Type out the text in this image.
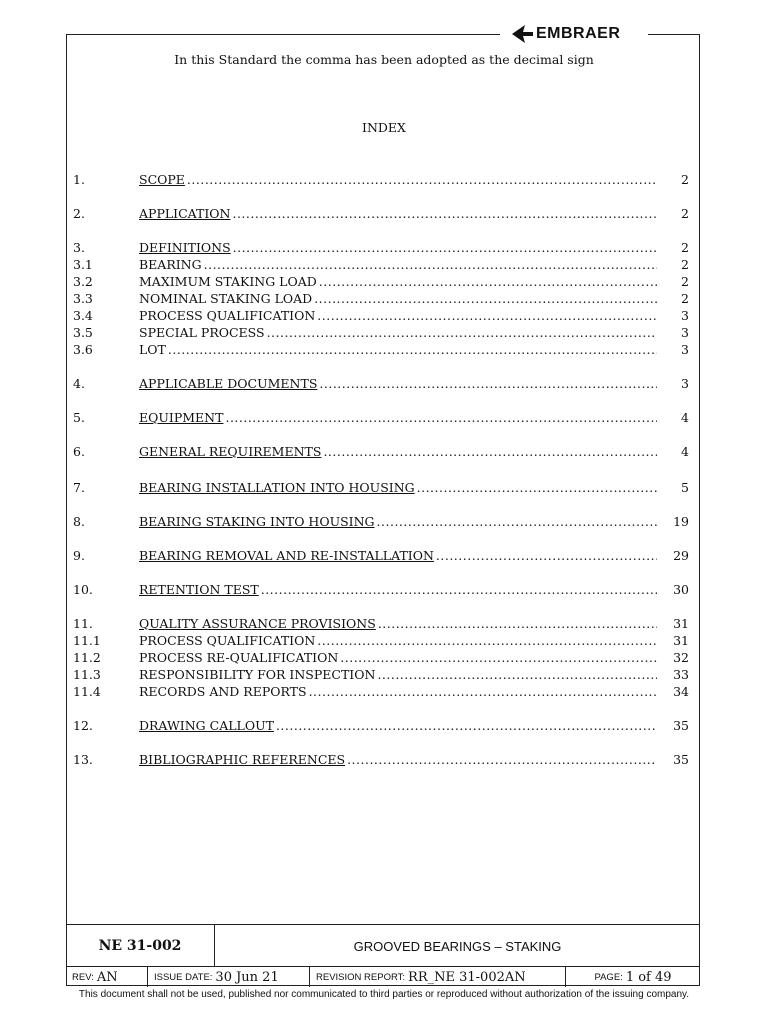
EMBRAER
In this Standard the comma has been adopted as the decimal sign
INDEX
1.	SCOPE .....	2
2.	APPLICATION .....	2
3.	DEFINITIONS .....	2
3.1	BEARING .....	2
3.2	MAXIMUM STAKING LOAD .....	2
3.3	NOMINAL STAKING LOAD .....	2
3.4	PROCESS QUALIFICATION .....	3
3.5	SPECIAL PROCESS .....	3
3.6	LOT .....	3
4.	APPLICABLE DOCUMENTS .....	3
5.	EQUIPMENT .....	4
6.	GENERAL REQUIREMENTS .....	4
7.	BEARING INSTALLATION INTO HOUSING .....	5
8.	BEARING STAKING INTO HOUSING .....	19
9.	BEARING REMOVAL AND RE-INSTALLATION .....	29
10.	RETENTION TEST .....	30
11.	QUALITY ASSURANCE PROVISIONS .....	31
11.1	PROCESS QUALIFICATION .....	31
11.2	PROCESS RE-QUALIFICATION .....	32
11.3	RESPONSIBILITY FOR INSPECTION .....	33
11.4	RECORDS AND REPORTS .....	34
12.	DRAWING CALLOUT .....	35
13.	BIBLIOGRAPHIC REFERENCES .....	35
NE 31-002	GROOVED BEARINGS – STAKING
REV: AN	ISSUE DATE: 30 Jun 21	REVISION REPORT: RR_NE 31-002AN	PAGE: 1 of 49
This document shall not be used, published nor communicated to third parties or reproduced without authorization of the issuing company.
